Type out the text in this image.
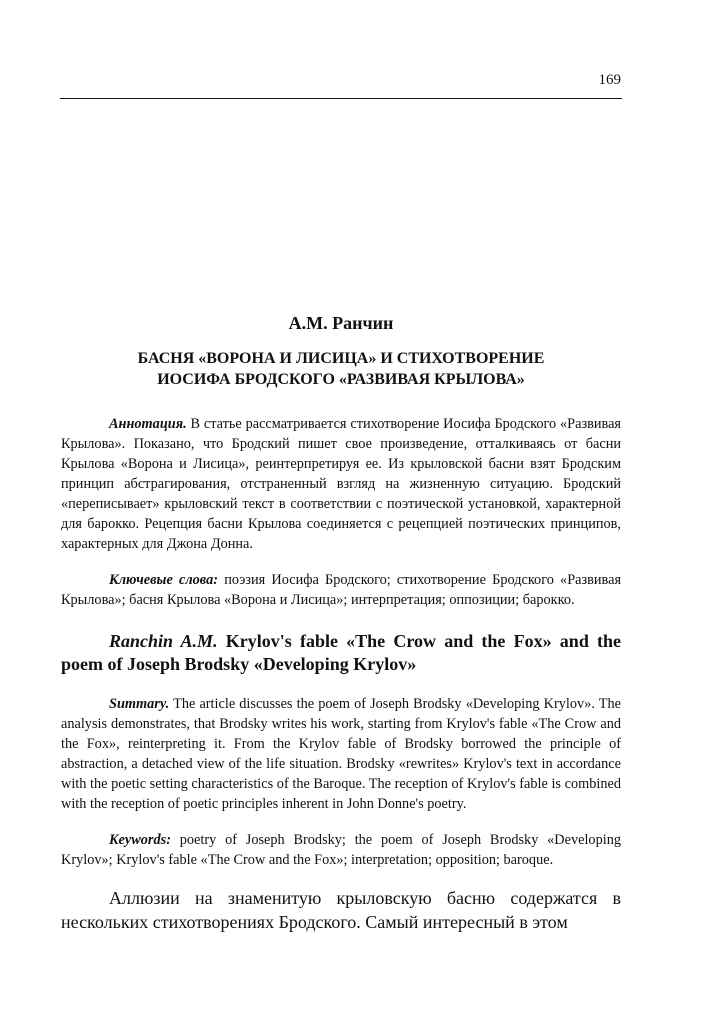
169

А.М. Ранчин

БАСНЯ «ВОРОНА И ЛИСИЦА» И СТИХОТВОРЕНИЕ
ИОСИФА БРОДСКОГО «РАЗВИВАЯ КРЫЛОВА»

Аннотация. В статье рассматривается стихотворение Иосифа Бродского «Развивая Крылова». Показано, что Бродский пишет свое произведение, отталкиваясь от басни Крылова «Ворона и Лисица», реинтерпретируя ее. Из крыловской басни взят Бродским принцип абстрагирования, отстраненный взгляд на жизненную ситуацию. Бродский «переписывает» крыловский текст в соответствии с поэтической установкой, характерной для барокко. Рецепция басни Крылова соединяется с рецепцией поэтических принципов, характерных для Джона Донна.

Ключевые слова: поэзия Иосифа Бродского; стихотворение Бродского «Развивая Крылова»; басня Крылова «Ворона и Лисица»; интерпретация; оппозиции; барокко.

Ranchin A.M. Krylov's fable «The Crow and the Fox» and the poem of Joseph Brodsky «Developing Krylov»

Summary. The article discusses the poem of Joseph Brodsky «Developing Krylov». The analysis demonstrates, that Brodsky writes his work, starting from Krylov's fable «The Crow and the Fox», reinterpreting it. From the Krylov fable of Brodsky borrowed the principle of abstraction, a detached view of the life situation. Brodsky «rewrites» Krylov's text in accordance with the poetic setting characteristics of the Baroque. The reception of Krylov's fable is combined with the reception of poetic principles inherent in John Donne's poetry.

Keywords: poetry of Joseph Brodsky; the poem of Joseph Brodsky «Developing Krylov»; Krylov's fable «The Crow and the Fox»; interpretation; opposition; baroque.

Аллюзии на знаменитую крыловскую басню содержатся в нескольких стихотворениях Бродского. Самый интересный в этом
